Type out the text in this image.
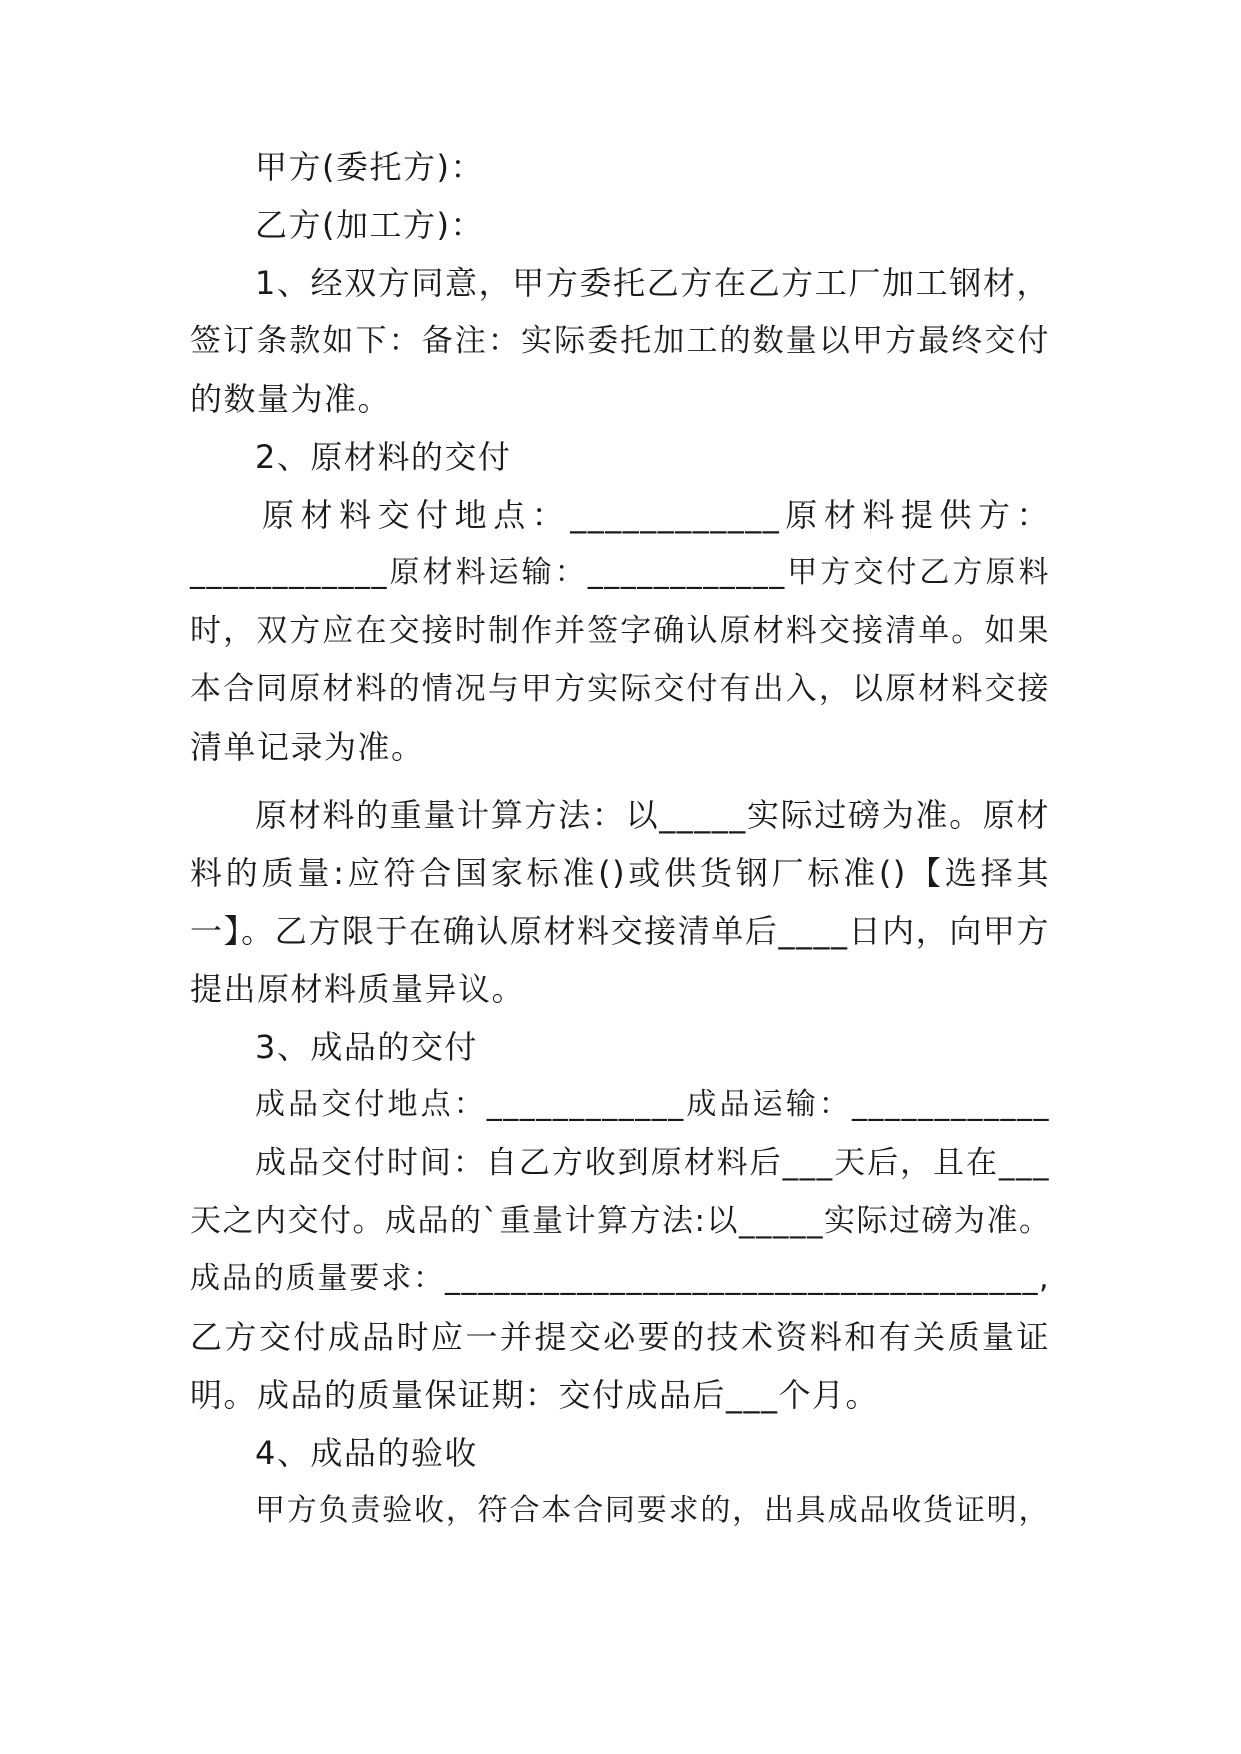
甲方(委托方)：

乙方(加工方)：

1、经双方同意，甲方委托乙方在乙方工厂加工钢材，

签订条款如下：备注：实际委托加工的数量以甲方最终交付

的数量为准。

2、原材料的交付

原材料交付地点：____________原材料提供方：

____________原材料运输：____________甲方交付乙方原料

时，双方应在交接时制作并签字确认原材料交接清单。如果

本合同原材料的情况与甲方实际交付有出入，以原材料交接

清单记录为准。

原材料的重量计算方法：以_____实际过磅为准。原材

料的质量:应符合国家标准()或供货钢厂标准()【选择其

一】。乙方限于在确认原材料交接清单后____日内，向甲方

提出原材料质量异议。

3、成品的交付

成品交付地点：____________成品运输：____________

成品交付时间：自乙方收到原材料后___天后，且在___

天之内交付。成品的`重量计算方法:以_____实际过磅为准。

成品的质量要求：____________________________________,

乙方交付成品时应一并提交必要的技术资料和有关质量证

明。成品的质量保证期：交付成品后___个月。

4、成品的验收

甲方负责验收，符合本合同要求的，出具成品收货证明，
